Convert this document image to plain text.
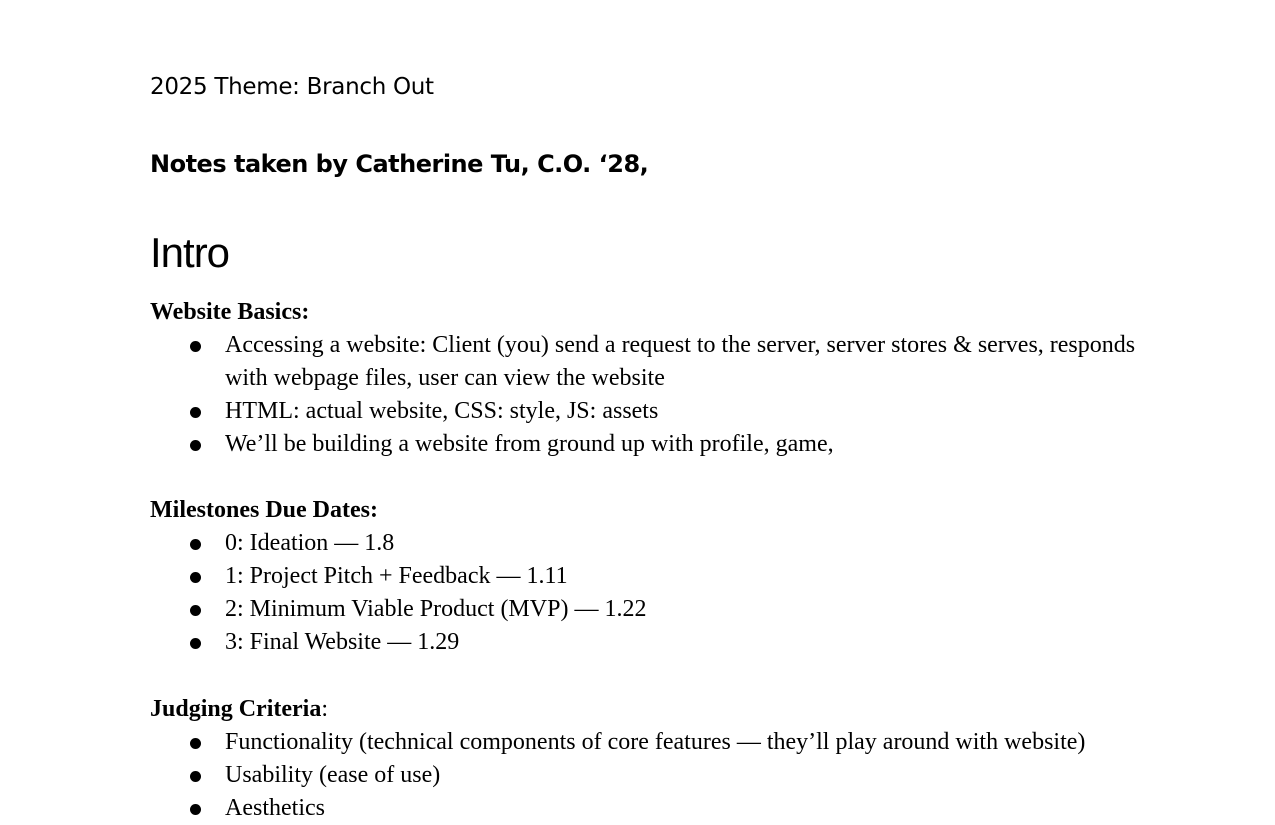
2025 Theme: Branch Out
Notes taken by Catherine Tu, C.O. ‘28,
Intro
Website Basics:
Accessing a website: Client (you) send a request to the server, server stores & serves, responds with webpage files, user can view the website
HTML: actual website, CSS: style, JS: assets
We’ll be building a website from ground up with profile, game,
Milestones Due Dates:
0: Ideation — 1.8
1: Project Pitch + Feedback — 1.11
2: Minimum Viable Product (MVP) — 1.22
3: Final Website — 1.29
Judging Criteria:
Functionality (technical components of core features — they’ll play around with website)
Usability (ease of use)
Aesthetics
